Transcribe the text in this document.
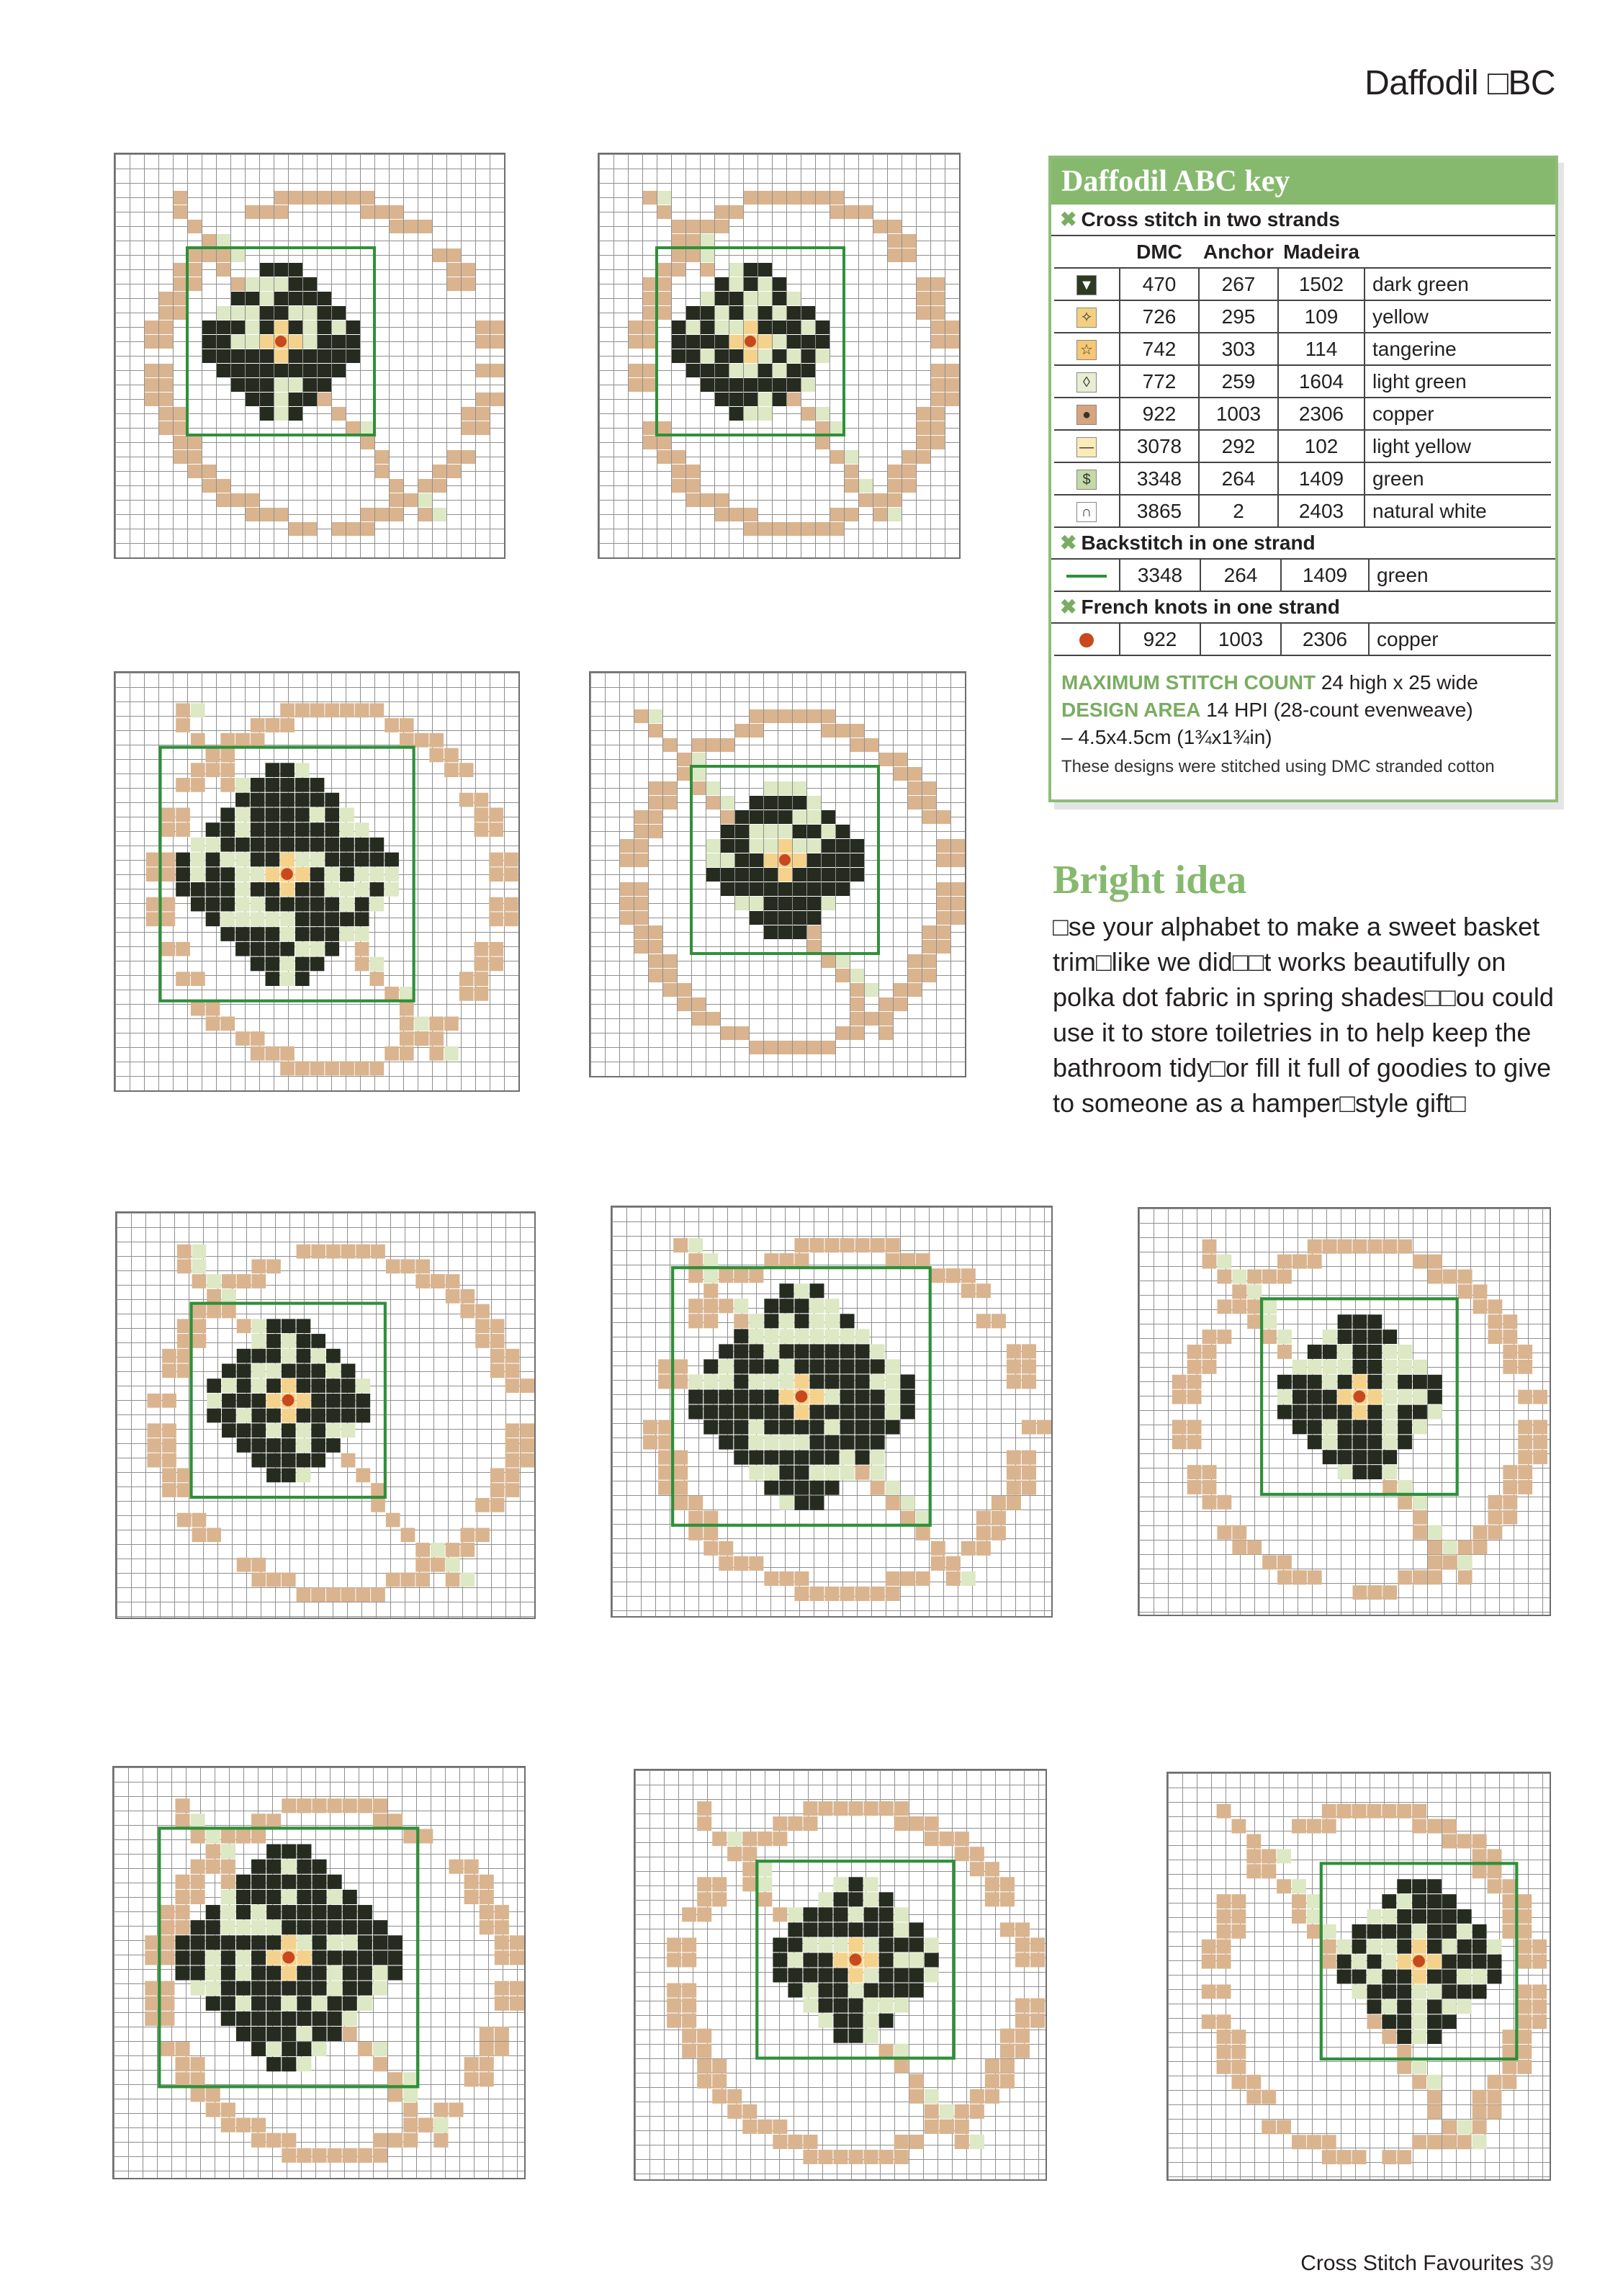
Daffodil □BC
Daffodil ABC key
✖ Cross stitch in two strands
	DMC	Anchor	Madeira	
▼	470	267	1502	dark green
✧	726	295	109	yellow
☆	742	303	114	tangerine
◊	772	259	1604	light green
●	922	1003	2306	copper
—	3078	292	102	light yellow
$	3348	264	1409	green
∩	3865	2	2403	natural white
✖ Backstitch in one strand
	3348	264	1409	green
✖ French knots in one strand
	922	1003	2306	copper
MAXIMUM STITCH COUNT 24 high x 25 wide
DESIGN AREA 14 HPI (28-count evenweave)
– 4.5x4.5cm (1¾x1¾in)
These designs were stitched using DMC stranded cotton
Bright idea
□se your alphabet to make a sweet basket trim□like we did□□t works beautifully on polka dot fabric in spring shades□□ou could use it to store toiletries in to help keep the bathroom tidy□or fill it full of goodies to give to someone as a hamper□style gift□
Cross Stitch Favourites 39
